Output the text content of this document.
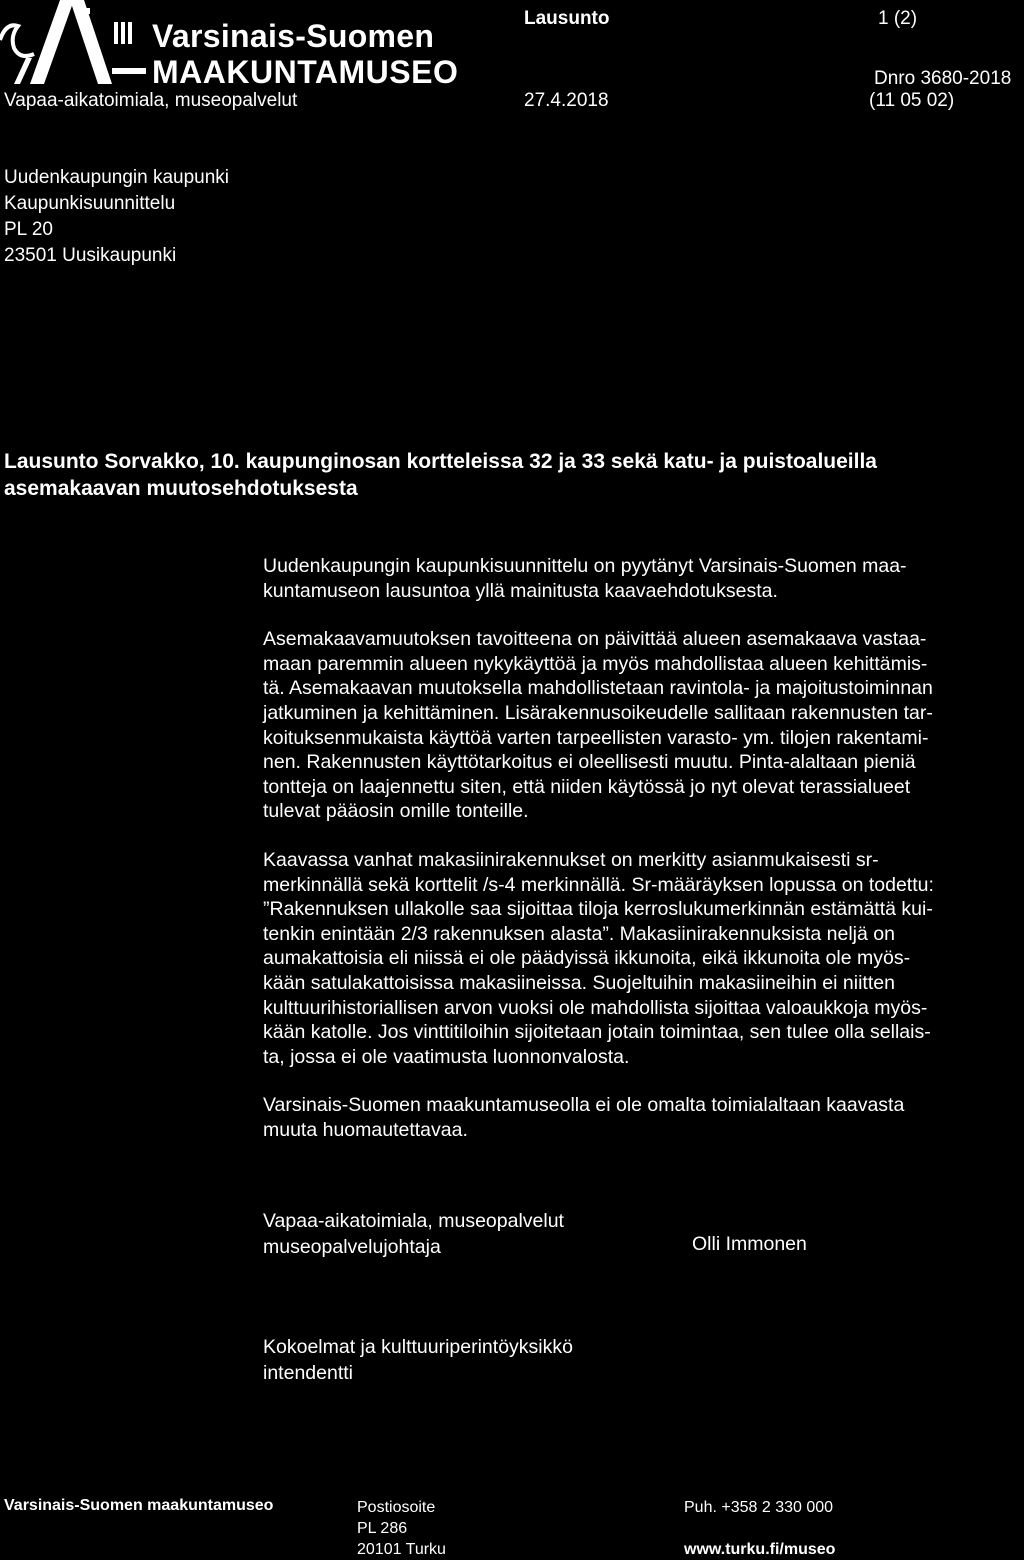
Varsinais-Suomen
MAAKUNTAMUSEO
Vapaa-aikatoimiala, museopalvelut
Lausunto	1 (2)
27.4.2018
Dnro 3680-2018
(11 05 02)
Uudenkaupungin kaupunki
Kaupunkisuunnittelu
PL 20
23501 Uusikaupunki
Lausunto Sorvakko, 10. kaupunginosan kortteleissa 32 ja 33 sekä katu- ja puistoalueilla
asemakaavan muutosehdotuksesta

Uudenkaupungin kaupunkisuunnittelu on pyytänyt Varsinais-Suomen maa-
kuntamuseon lausuntoa yllä mainitusta kaavaehdotuksesta.

Asemakaavamuutoksen tavoitteena on päivittää alueen asemakaava vastaa-
maan paremmin alueen nykykäyttöä ja myös mahdollistaa alueen kehittämis-
tä. Asemakaavan muutoksella mahdollistetaan ravintola- ja majoitustoiminnan
jatkuminen ja kehittäminen. Lisärakennusoikeudelle sallitaan rakennusten tar-
koituksenmukaista käyttöä varten tarpeellisten varasto- ym. tilojen rakentami-
nen. Rakennusten käyttötarkoitus ei oleellisesti muutu. Pinta-alaltaan pieniä
tontteja on laajennettu siten, että niiden käytössä jo nyt olevat terassialueet
tulevat pääosin omille tonteille.

Kaavassa vanhat makasiinirakennukset on merkitty asianmukaisesti sr-
merkinnällä sekä korttelit /s-4 merkinnällä. Sr-määräyksen lopussa on todettu:
”Rakennuksen ullakolle saa sijoittaa tiloja kerroslukumerkinnän estämättä kui-
tenkin enintään 2/3 rakennuksen alasta”. Makasiinirakennuksista neljä on
aumakattoisia eli niissä ei ole päädyissä ikkunoita, eikä ikkunoita ole myös-
kään satulakattoisissa makasiineissa. Suojeltuihin makasiineihin ei niitten
kulttuurihistoriallisen arvon vuoksi ole mahdollista sijoittaa valoaukkoja myös-
kään katolle. Jos vinttitiloihin sijoitetaan jotain toimintaa, sen tulee olla sellais-
ta, jossa ei ole vaatimusta luonnonvalosta.

Varsinais-Suomen maakuntamuseolla ei ole omalta toimialaltaan kaavasta
muuta huomautettavaa.

Vapaa-aikatoimiala, museopalvelut
museopalvelujohtaja	Olli Immonen
Kokoelmat ja kulttuuriperintöyksikkö
intendentti
Varsinais-Suomen maakuntamuseo	Postiosoite
PL 286
20101 Turku
Puh. +358 2 330 000
www.turku.fi/museo
